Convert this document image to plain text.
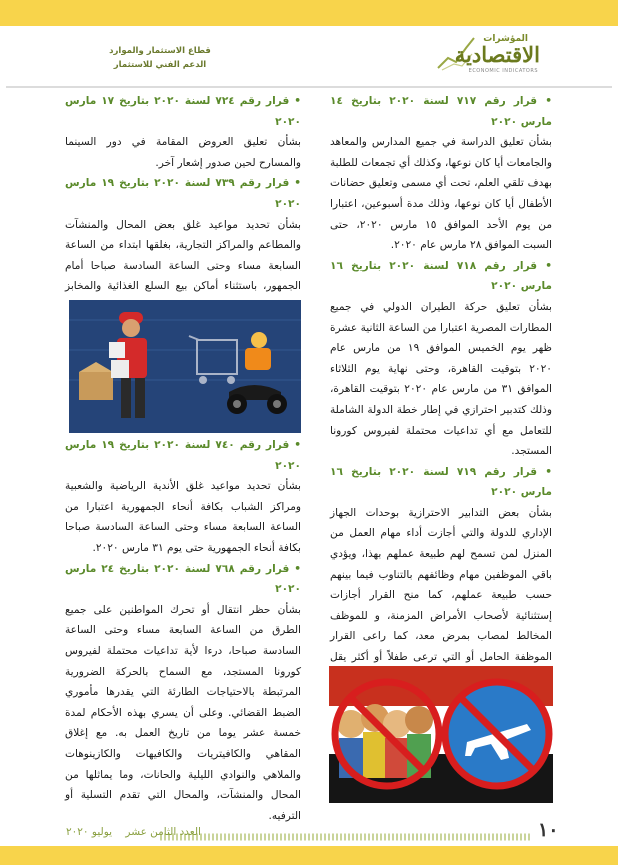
قطاع الاستثمار والموارد
الدعم الفني للاستثمار
المؤشرات
الاقتصادية
ECONOMIC INDICATORS

• قرار رقم ٧١٧ لسنة ٢٠٢٠ بتاريخ ١٤ مارس ٢٠٢٠

بشأن تعليق الدراسة في جميع المدارس والمعاهد والجامعات أيا كان نوعها، وكذلك أي تجمعات للطلبة بهدف تلقي العلم، تحت أي مسمى وتعليق حضانات الأطفال أيا كان نوعها، وذلك مدة أسبوعين، اعتبارا من يوم الأحد الموافق ١٥ مارس ٢٠٢٠، حتى السبت الموافق ٢٨ مارس عام ٢٠٢٠.

• قرار رقم ٧١٨ لسنة ٢٠٢٠ بتاريخ ١٦ مارس ٢٠٢٠

بشأن تعليق حركة الطيران الدولي في جميع المطارات المصرية اعتبارا من الساعة الثانية عشرة ظهر يوم الخميس الموافق ١٩ من مارس عام ٢٠٢٠ بتوقيت القاهرة، وحتى نهاية يوم الثلاثاء الموافق ٣١ من مارس عام ٢٠٢٠ بتوقيت القاهرة، وذلك كتدبير احترازي في إطار خطة الدولة الشاملة للتعامل مع أي تداعيات محتملة لفيروس كورونا المستجد.

• قرار رقم ٧١٩ لسنة ٢٠٢٠ بتاريخ ١٦ مارس ٢٠٢٠

بشأن بعض التدابير الاحترازية بوحدات الجهاز الإداري للدولة والتي أجازت أداء مهام العمل من المنزل لمن تسمح لهم طبيعة عملهم بهذا، ويؤدي باقي الموظفين مهام وظائفهم بالتناوب فيما بينهم حسب طبيعة عملهم، كما منح القرار أجازات إستثنائية لأصحاب الأمراض المزمنة، و للموظف المخالط لمصاب بمرض معد، كما راعى القرار الموظفة الحامل أو التي ترعى طفلاً أو أكثر يقل

• قرار رقم ٧٢٤ لسنة ٢٠٢٠ بتاريخ ١٧ مارس ٢٠٢٠

بشأن تعليق العروض المقامة في دور السينما والمسارح لحين صدور إشعار آخر.

• قرار رقم ٧٣٩ لسنة ٢٠٢٠ بتاريخ ١٩ مارس ٢٠٢٠

بشأن تحديد مواعيد غلق بعض المحال والمنشآت والمطاعم والمراكز التجارية، بغلقها ابتداء من الساعة السابعة مساء وحتى الساعة السادسة صباحا أمام الجمهور، باستثناء أماكن بيع السلع الغذائية والمخابز

• قرار رقم ٧٤٠ لسنة ٢٠٢٠ بتاريخ ١٩ مارس ٢٠٢٠

بشأن تحديد مواعيد غلق الأندية الرياضية والشعبية ومراكز الشباب بكافة أنحاء الجمهورية اعتبارا من الساعة السابعة مساء وحتى الساعة السادسة صباحا بكافة أنحاء الجمهورية حتى يوم ٣١ مارس ٢٠٢٠.

• قرار رقم ٧٦٨ لسنة ٢٠٢٠ بتاريخ ٢٤ مارس ٢٠٢٠

بشأن حظر انتقال أو تحرك المواطنين على جميع الطرق من الساعة السابعة مساء وحتى الساعة السادسة صباحا، درءا لأية تداعيات محتملة لفيروس كورونا المستجد، مع السماح بالحركة الضرورية المرتبطة بالاحتياجات الطارئة التي يقدرها مأموري الضبط القضائي. وعلى أن يسري بهذه الأحكام لمدة خمسة عشر يوما من تاريخ العمل به. مع إغلاق المقاهي والكافيتريات والكافيهات والكازينوهات والملاهي والنوادي الليلية والحانات، وما يماثلها من المحال والمنشآت، والمحال التي تقدم التسلية أو الترفيه.

العدد الثامن عشر    يوليو ٢٠٢٠	١٠
